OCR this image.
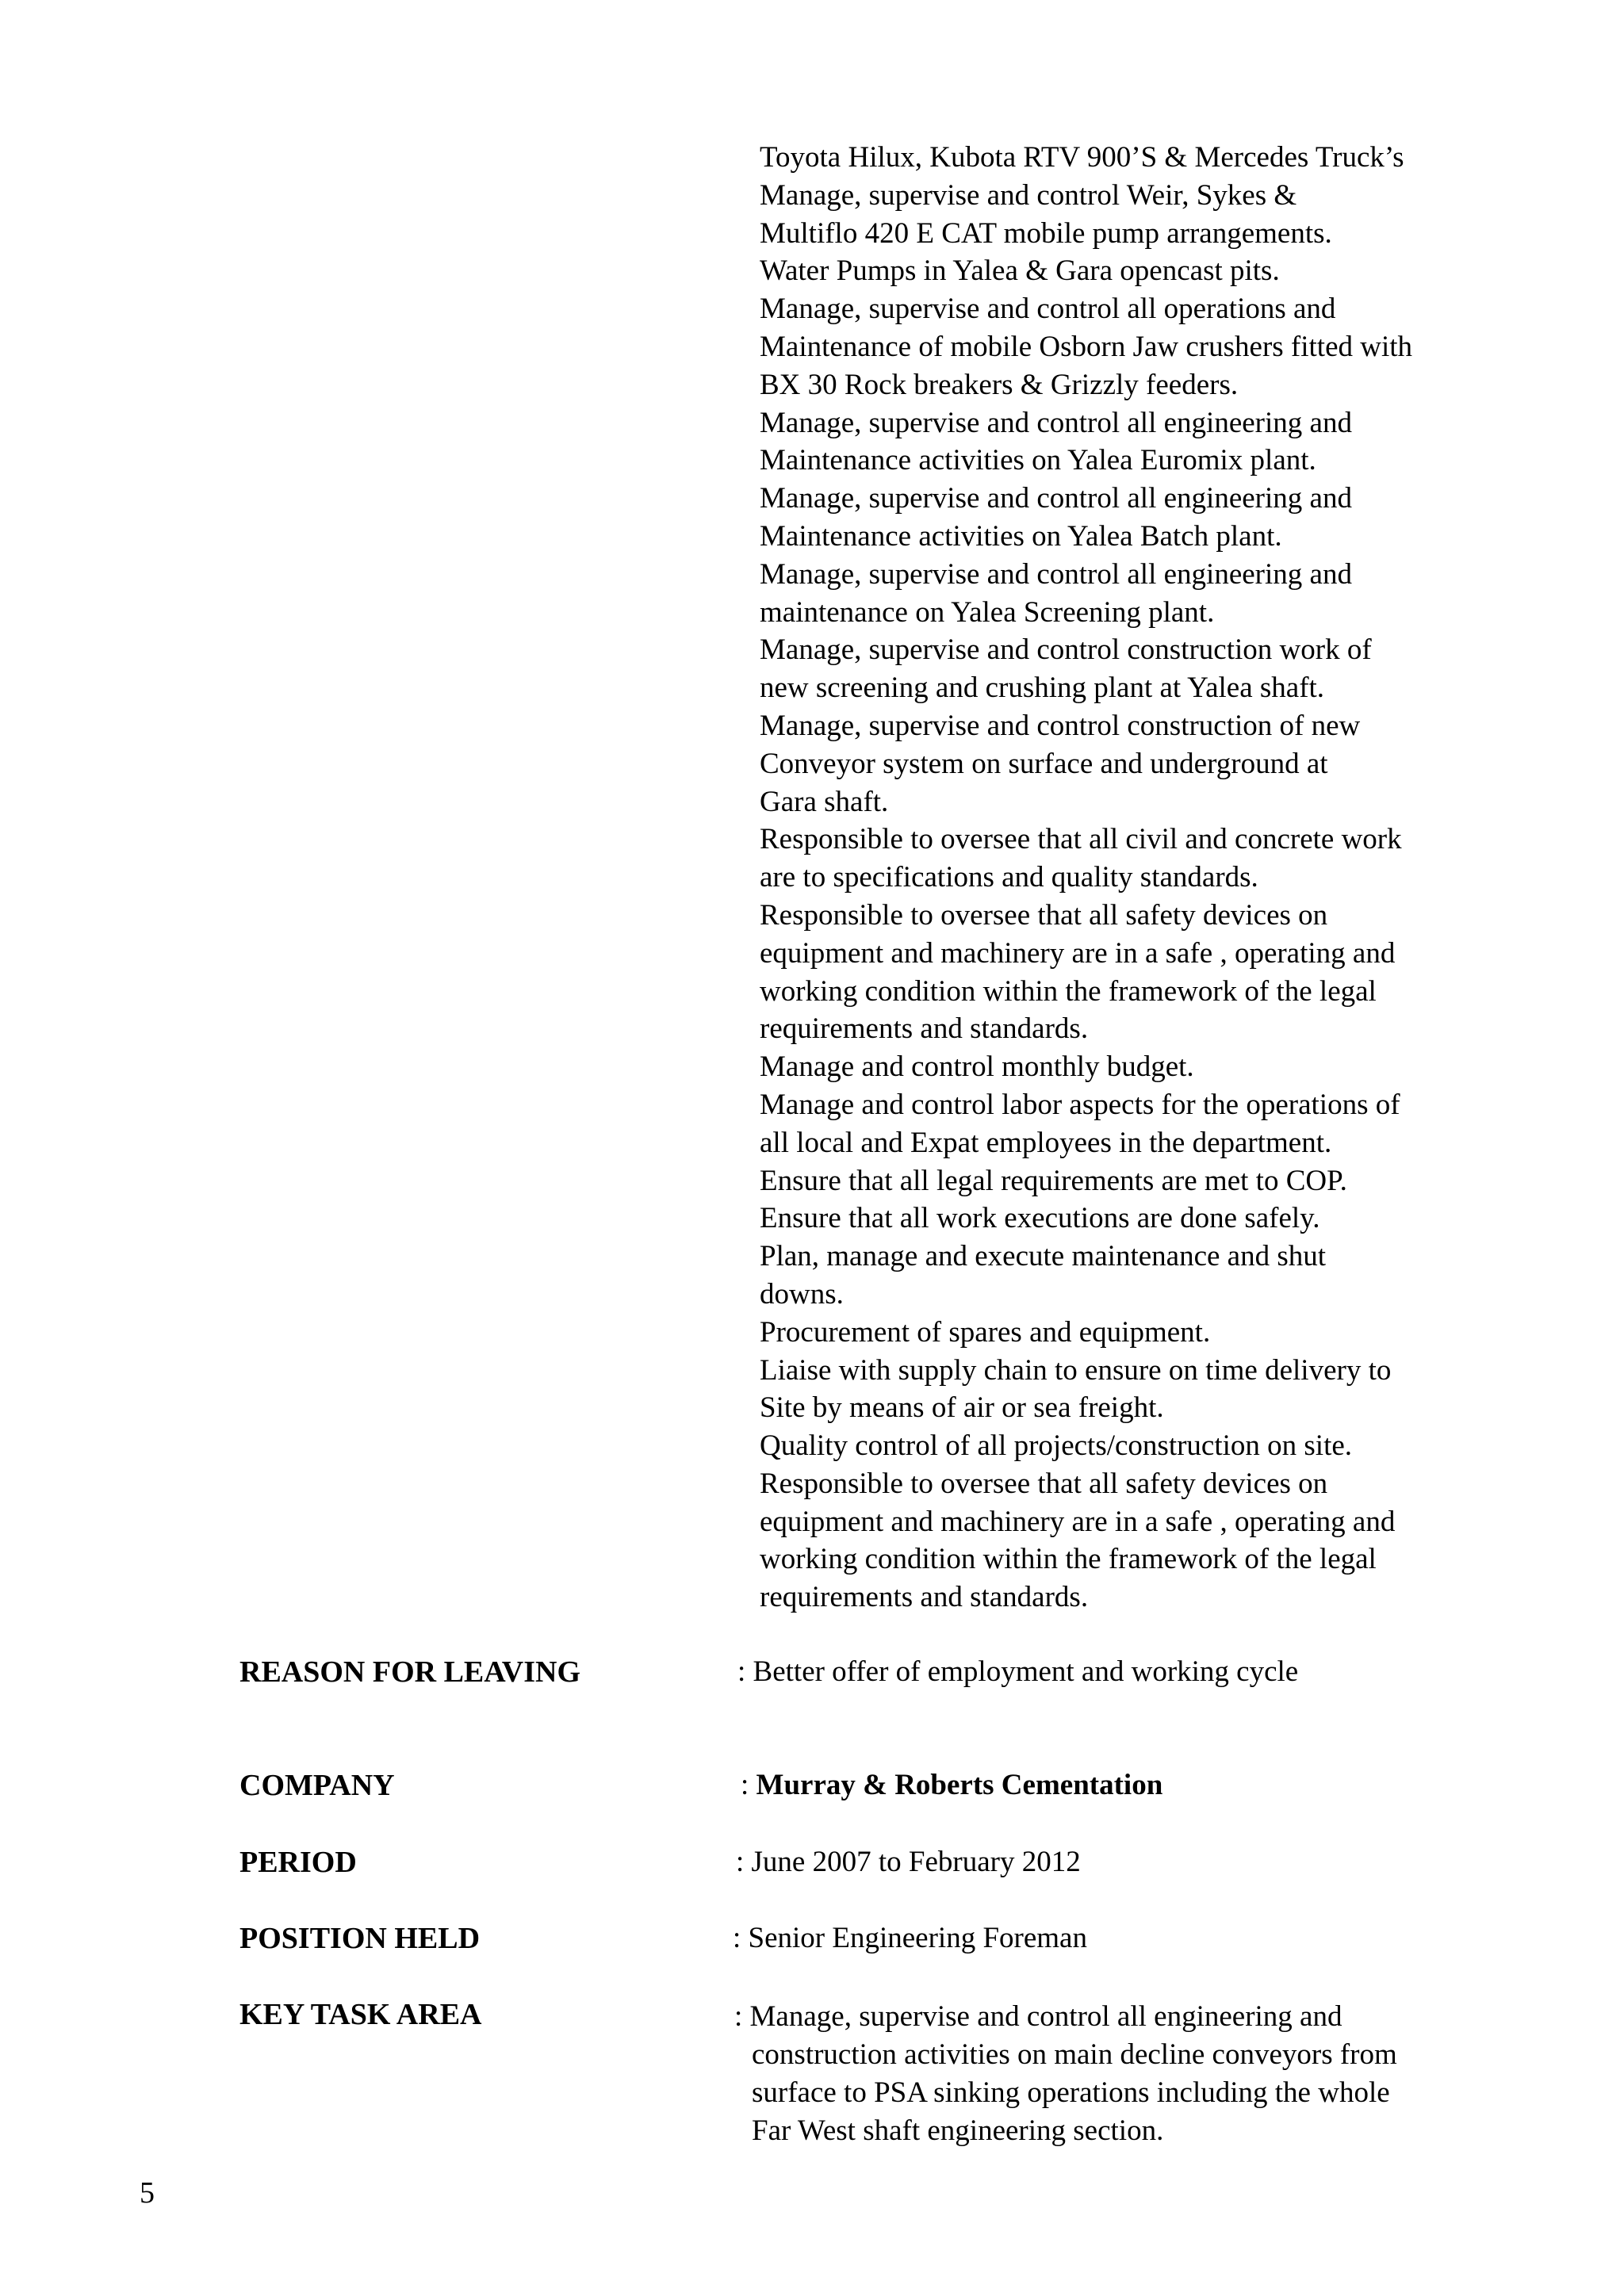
Toyota Hilux, Kubota RTV 900’S & Mercedes Truck’s
Manage, supervise and control Weir, Sykes &
Multiflo 420 E CAT mobile pump arrangements.
Water Pumps in Yalea & Gara opencast pits.
Manage, supervise and control all operations and
Maintenance of mobile Osborn Jaw crushers fitted with
BX 30 Rock breakers & Grizzly feeders.
Manage, supervise and control all engineering and
Maintenance activities on Yalea Euromix plant.
Manage, supervise and control all engineering and
Maintenance activities on Yalea Batch plant.
Manage, supervise and control all engineering and
maintenance on Yalea Screening plant.
Manage, supervise and control construction work of
new screening and crushing plant at Yalea shaft.
Manage, supervise and control construction of new
Conveyor system on surface and underground at
Gara shaft.
Responsible to oversee that all civil and concrete work
are to specifications and quality standards.
Responsible to oversee that all safety devices on
equipment and machinery are in a safe , operating and
working condition within the framework of the legal
requirements and standards.
Manage and control monthly budget.
Manage and control labor aspects for the operations of
all local and Expat employees in the department.
Ensure that all legal requirements are met to COP.
Ensure that all work executions are done safely.
Plan, manage and execute maintenance and shut
downs.
Procurement of spares and equipment.
Liaise with supply chain to ensure on time delivery to
Site by means of air or sea freight.
Quality control of all projects/construction on site.
Responsible to oversee that all safety devices on
equipment and machinery are in a safe , operating and
working condition within the framework of the legal
requirements and standards.
REASON FOR LEAVING	: Better offer of employment and working cycle
COMPANY	: Murray & Roberts Cementation
PERIOD	: June 2007 to February 2012
POSITION HELD	: Senior Engineering Foreman
KEY TASK AREA	: Manage, supervise and control all engineering and
construction activities on main decline conveyors from
surface to PSA sinking operations including the whole
Far West shaft engineering section.
5
